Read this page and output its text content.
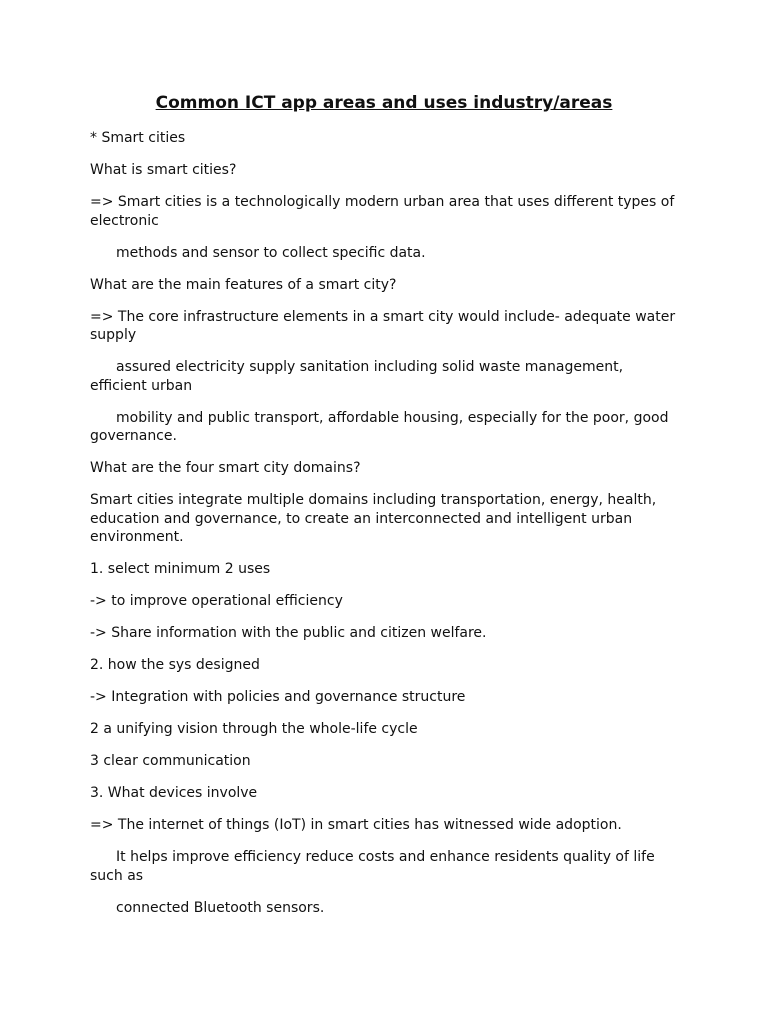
Common ICT app areas and uses industry/areas

* Smart cities

What is smart cities?

=> Smart cities is a technologically modern urban area that uses different types of electronic

methods and sensor to collect specific data.

What are the main features of a smart city?

=> The core infrastructure elements in a smart city would include- adequate water supply

assured electricity supply sanitation including solid waste management, efficient urban

mobility and public transport, affordable housing, especially for the poor, good governance.

What are the four smart city domains?

Smart cities integrate multiple domains including transportation, energy, health, education and governance, to create an interconnected and intelligent urban environment.

1. select minimum 2 uses

-> to improve operational efficiency

-> Share information with the public and citizen welfare.

2. how the sys designed

-> Integration with policies and governance structure

2 a unifying vision through the whole-life cycle

3 clear communication

3. What devices involve

=> The internet of things (IoT) in smart cities has witnessed wide adoption.

It helps improve efficiency reduce costs and enhance residents quality of life such as

connected Bluetooth sensors.
